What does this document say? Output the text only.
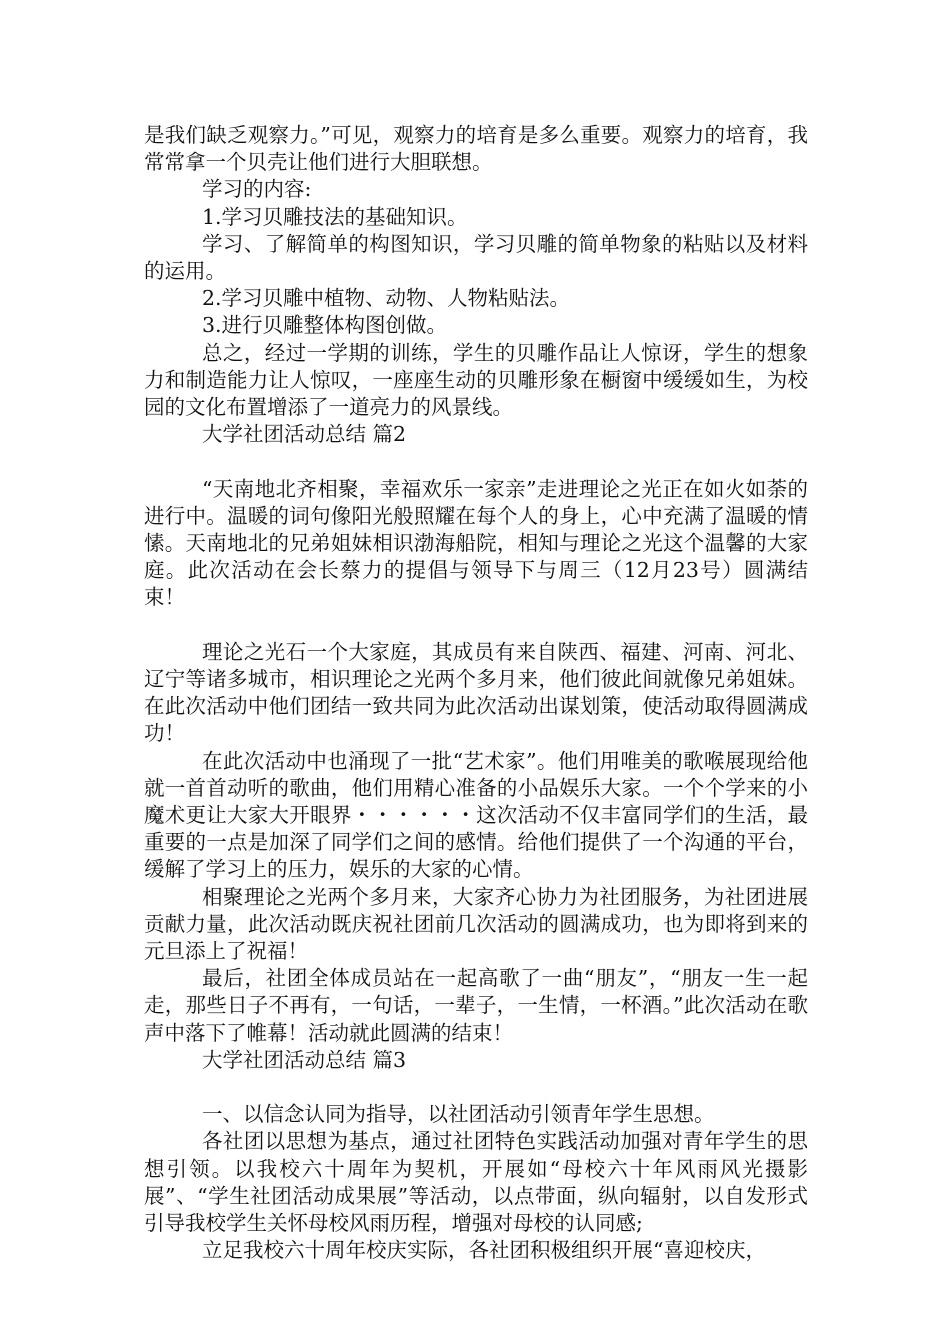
是我们缺乏观察力。”可见，观察力的培育是多么重要。观察力的培育，我常常拿一个贝壳让他们进行大胆联想。

学习的内容:

1.学习贝雕技法的基础知识。

学习、了解简单的构图知识，学习贝雕的简单物象的粘贴以及材料的运用。

2.学习贝雕中植物、动物、人物粘贴法。

3.进行贝雕整体构图创做。

总之，经过一学期的训练，学生的贝雕作品让人惊讶，学生的想象力和制造能力让人惊叹，一座座生动的贝雕形象在橱窗中缓缓如生，为校园的文化布置增添了一道亮力的风景线。

大学社团活动总结 篇2

“天南地北齐相聚，幸福欢乐一家亲”走进理论之光正在如火如荼的进行中。温暖的词句像阳光般照耀在每个人的身上，心中充满了温暖的情愫。天南地北的兄弟姐妹相识渤海船院，相知与理论之光这个温馨的大家庭。此次活动在会长蔡力的提倡与领导下与周三（12月23号）圆满结束！

理论之光石一个大家庭，其成员有来自陕西、福建、河南、河北、辽宁等诸多城市，相识理论之光两个多月来，他们彼此间就像兄弟姐妹。在此次活动中他们团结一致共同为此次活动出谋划策，使活动取得圆满成功！

在此次活动中也涌现了一批“艺术家”。他们用唯美的歌喉展现给他就一首首动听的歌曲，他们用精心准备的小品娱乐大家。一个个学来的小魔术更让大家大开眼界・・・・・・这次活动不仅丰富同学们的生活，最重要的一点是加深了同学们之间的感情。给他们提供了一个沟通的平台，缓解了学习上的压力，娱乐的大家的心情。

相聚理论之光两个多月来，大家齐心协力为社团服务，为社团进展贡献力量，此次活动既庆祝社团前几次活动的圆满成功，也为即将到来的元旦添上了祝福！

最后，社团全体成员站在一起高歌了一曲“朋友”，“朋友一生一起走，那些日子不再有，一句话，一辈子，一生情，一杯酒。”此次活动在歌声中落下了帷幕！活动就此圆满的结束！

大学社团活动总结 篇3

一、以信念认同为指导，以社团活动引领青年学生思想。

各社团以思想为基点，通过社团特色实践活动加强对青年学生的思想引领。以我校六十周年为契机，开展如“母校六十年风雨风光摄影展”、“学生社团活动成果展”等活动，以点带面，纵向辐射，以自发形式引导我校学生关怀母校风雨历程，增强对母校的认同感;

立足我校六十周年校庆实际，各社团积极组织开展“喜迎校庆，
